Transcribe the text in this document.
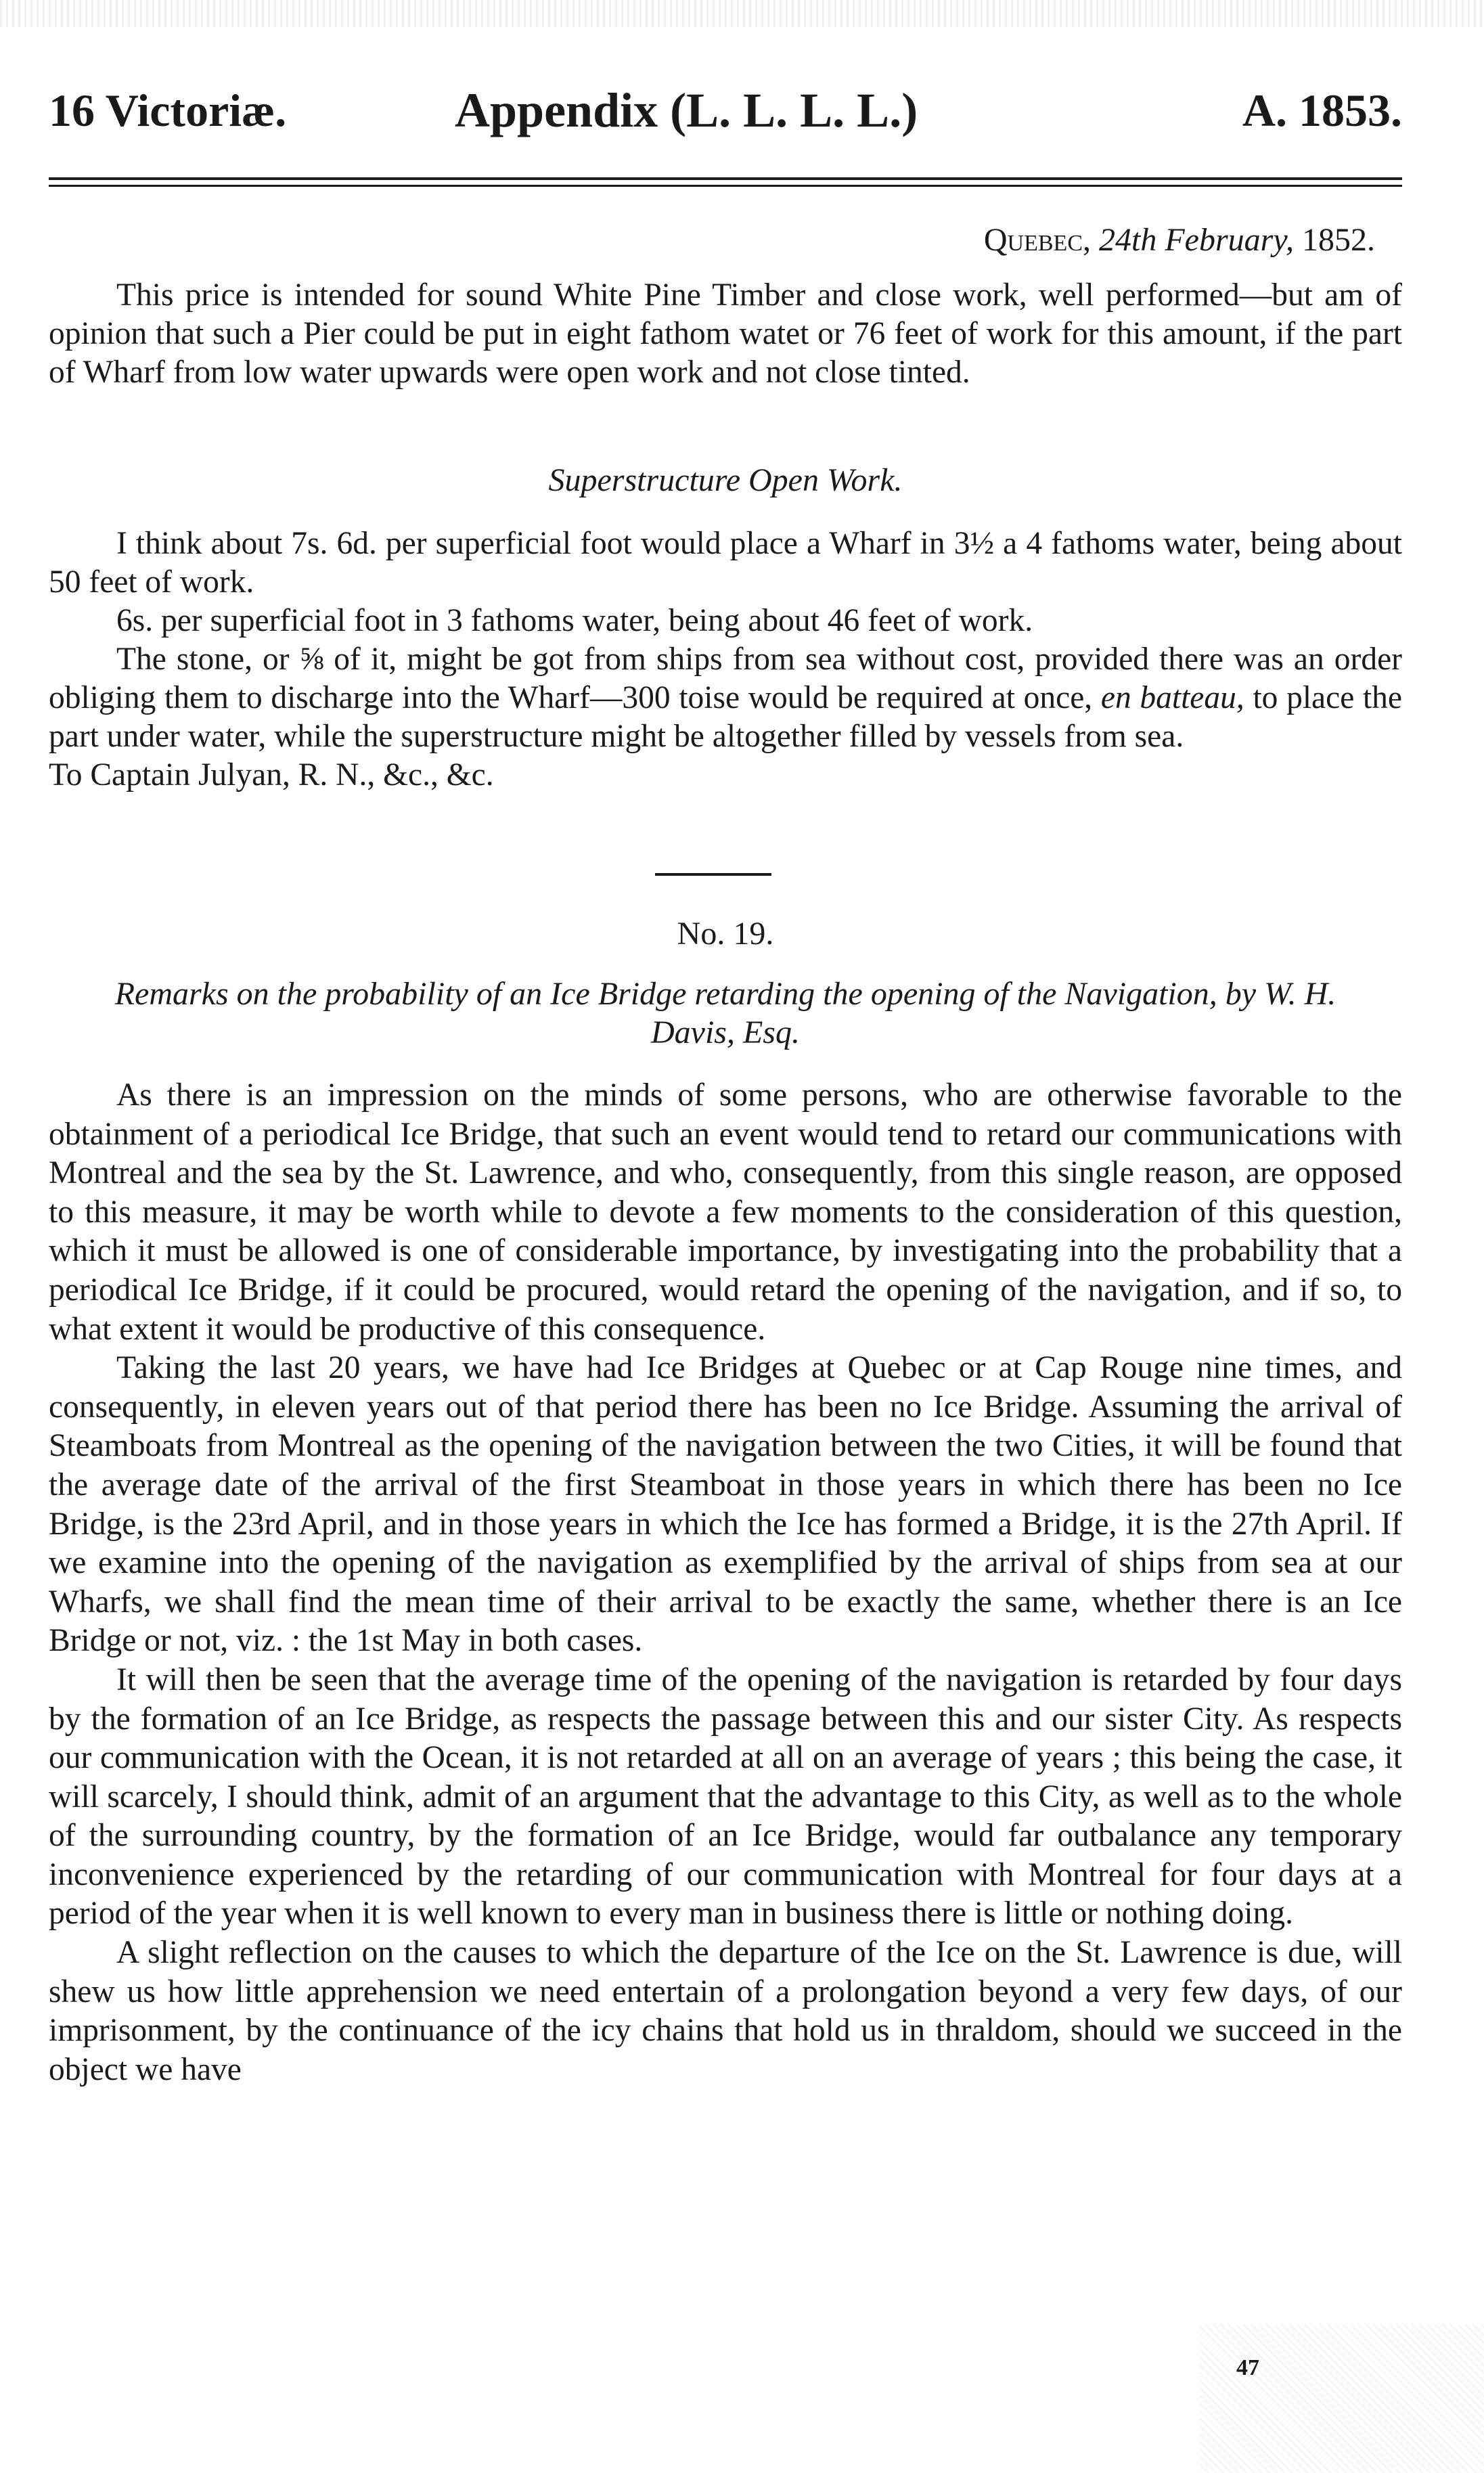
16 Victoriæ.	Appendix (L. L. L. L.)	A. 1853.
Quebec, 24th February, 1852.

This price is intended for sound White Pine Timber and close work, well performed—but am of opinion that such a Pier could be put in eight fathom watet or 76 feet of work for this amount, if the part of Wharf from low water upwards were open work and not close tinted.

Superstructure Open Work.

I think about 7s. 6d. per superficial foot would place a Wharf in 3½ a 4 fathoms water, being about 50 feet of work.

6s. per superficial foot in 3 fathoms water, being about 46 feet of work.

The stone, or ⅝ of it, might be got from ships from sea without cost, provided there was an order obliging them to discharge into the Wharf—300 toise would be required at once, en batteau, to place the part under water, while the superstructure might be altogether filled by vessels from sea.

To Captain Julyan, R. N., &c., &c.

No. 19.
Remarks on the probability of an Ice Bridge retarding the opening of the Navigation, by W. H. Davis, Esq.

As there is an impression on the minds of some persons, who are otherwise favorable to the obtainment of a periodical Ice Bridge, that such an event would tend to retard our communications with Montreal and the sea by the St. Lawrence, and who, consequently, from this single reason, are opposed to this measure, it may be worth while to devote a few moments to the consideration of this question, which it must be allowed is one of considerable importance, by investigating into the probability that a periodical Ice Bridge, if it could be procured, would retard the opening of the navigation, and if so, to what extent it would be productive of this consequence.

Taking the last 20 years, we have had Ice Bridges at Quebec or at Cap Rouge nine times, and consequently, in eleven years out of that period there has been no Ice Bridge. Assuming the arrival of Steamboats from Montreal as the opening of the navigation between the two Cities, it will be found that the average date of the arrival of the first Steamboat in those years in which there has been no Ice Bridge, is the 23rd April, and in those years in which the Ice has formed a Bridge, it is the 27th April. If we examine into the opening of the navigation as exemplified by the arrival of ships from sea at our Wharfs, we shall find the mean time of their arrival to be exactly the same, whether there is an Ice Bridge or not, viz. : the 1st May in both cases.

It will then be seen that the average time of the opening of the navigation is retarded by four days by the formation of an Ice Bridge, as respects the passage between this and our sister City. As respects our communication with the Ocean, it is not retarded at all on an average of years ; this being the case, it will scarcely, I should think, admit of an argument that the advantage to this City, as well as to the whole of the surrounding country, by the formation of an Ice Bridge, would far outbalance any temporary inconvenience experienced by the retarding of our communication with Montreal for four days at a period of the year when it is well known to every man in business there is little or nothing doing.

A slight reflection on the causes to which the departure of the Ice on the St. Lawrence is due, will shew us how little apprehension we need entertain of a prolongation beyond a very few days, of our imprisonment, by the continuance of the icy chains that hold us in thraldom, should we succeed in the object we have

47
